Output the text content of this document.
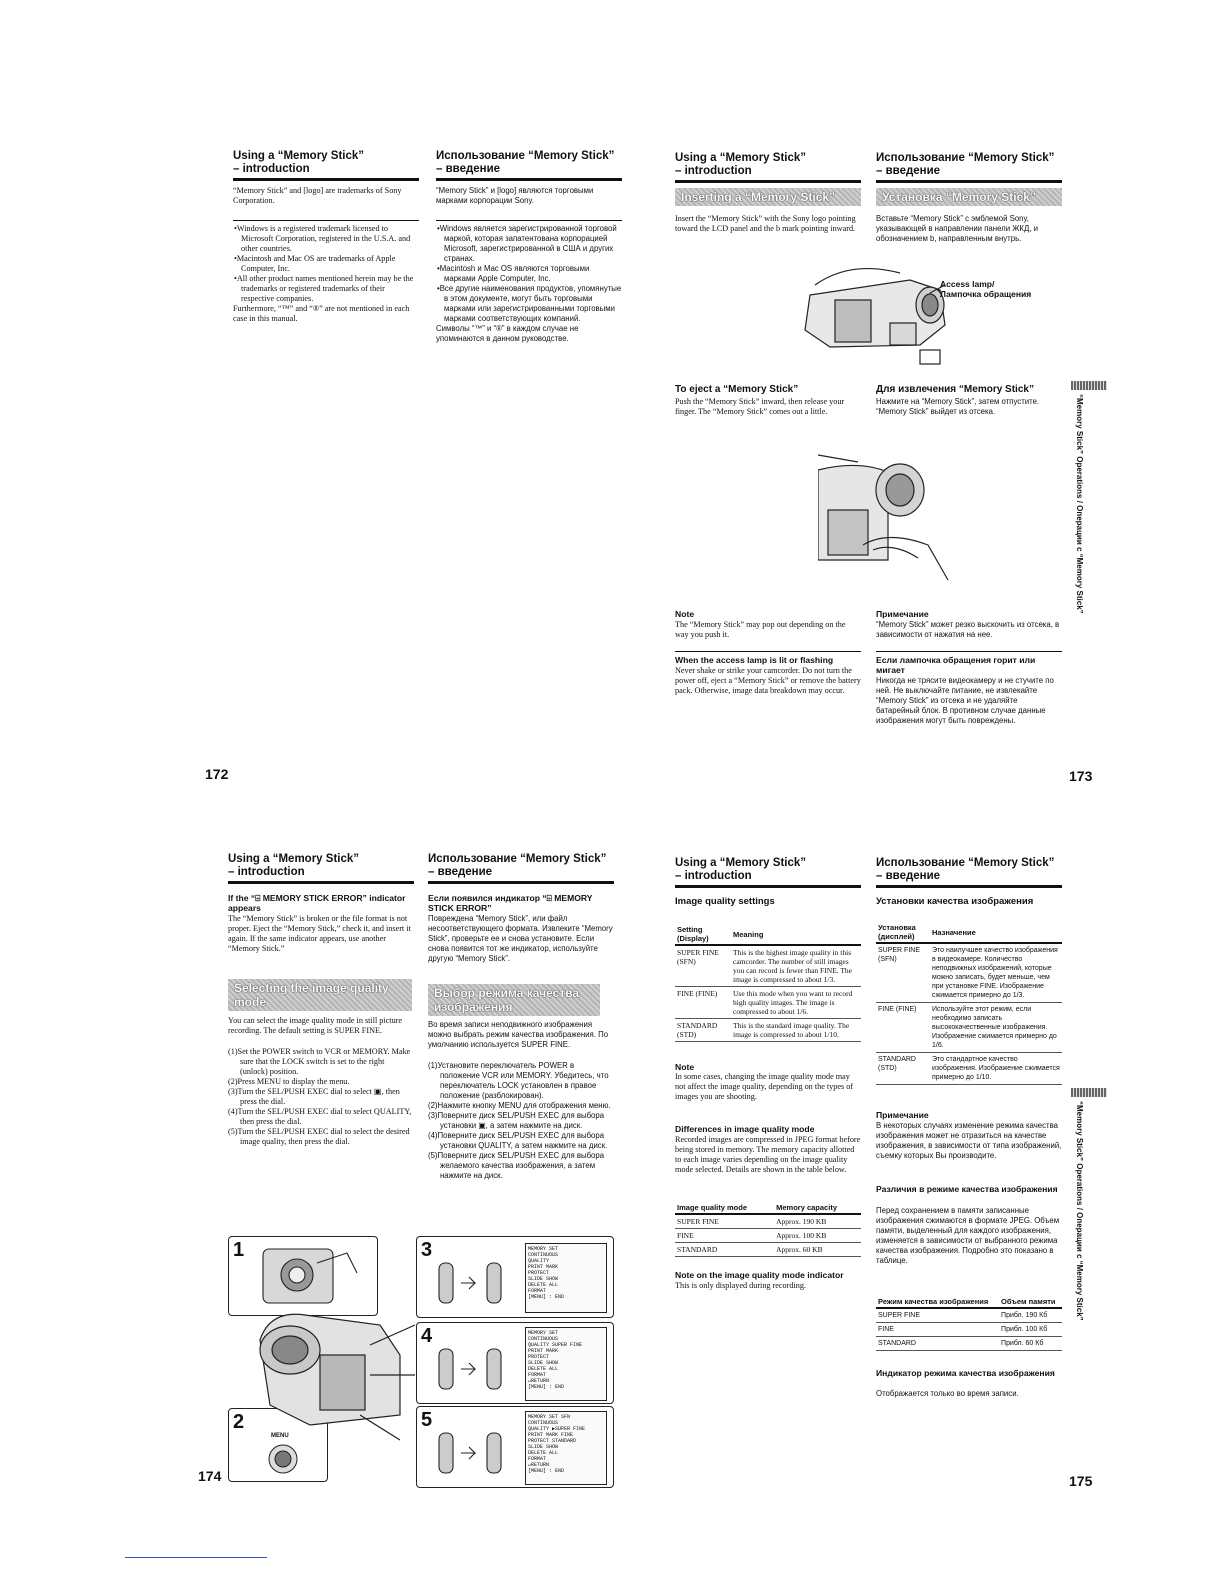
Using a “Memory Stick”
– introduction
Использование “Memory Stick”
– введение
“Memory Stick” and [logo] are trademarks of Sony Corporation.
•Windows is a registered trademark licensed to Microsoft Corporation, registered in the U.S.A. and other countries.
•Macintosh and Mac OS are trademarks of Apple Computer, Inc.
•All other product names mentioned herein may be the trademarks or registered trademarks of their respective companies.
Furthermore, “™” and “®” are not mentioned in each case in this manual.
“Memory Stick” и [logo] являются торговыми марками корпорации Sony.
•Windows является зарегистрированной торговой маркой, которая запатентована корпорацией Microsoft, зарегистрированной в США и других странах.
•Macintosh и Mac OS являются торговыми марками Apple Computer, Inc.
•Все другие наименования продуктов, упомянутые в этом документе, могут быть торговыми марками или зарегистрированными торговыми марками соответствующих компаний.
Символы “™” и “®” в каждом случае не упоминаются в данном руководстве.
172
Using a “Memory Stick”
– introduction
Использование “Memory Stick”
– введение
Inserting a “Memory Stick”	Установка “Memory Stick”
Insert the “Memory Stick” with the Sony logo pointing toward the LCD panel and the b mark pointing inward.
Вставьте “Memory Stick” с эмблемой Sony, указывающей в направлении панели ЖКД, и обозначением b, направленным внутрь.
Access lamp/
Лампочка обращения
To eject a “Memory Stick”
Push the “Memory Stick” inward, then release your finger. The “Memory Stick” comes out a little.
Для извлечения “Memory Stick”
Нажмите на “Memory Stick”, затем отпустите. “Memory Stick” выйдет из отсека.
Note
The “Memory Stick” may pop out depending on the way you push it.
Примечание
“Memory Stick” может резко выскочить из отсека, в зависимости от нажатия на нее.
When the access lamp is lit or flashing
Never shake or strike your camcorder. Do not turn the power off, eject a “Memory Stick” or remove the battery pack. Otherwise, image data breakdown may occur.
Если лампочка обращения горит или мигает
Никогда не трясите видеокамеру и не стучите по ней. Не выключайте питание, не извлекайте “Memory Stick” из отсека и не удаляйте батарейный блок. В противном случае данные изображения могут быть повреждены.
“Memory Stick” Operations / Операции с “Memory Stick”
173
Using a “Memory Stick”
– introduction
Использование “Memory Stick”
– введение
If the “⌹ MEMORY STICK ERROR” indicator appears
The “Memory Stick” is broken or the file format is not proper. Eject the “Memory Stick,” check it, and insert it again. If the same indicator appears, use another “Memory Stick.”
Если появился индикатор “⌹ MEMORY STICK ERROR”
Повреждена “Memory Stick”, или файл несоответствующего формата. Извлеките “Memory Stick”, проверьте ее и снова установите. Если снова появится тот же индикатор, используйте другую “Memory Stick”.
Selecting the image quality mode
Выбор режима качества изображения
You can select the image quality mode in still picture recording. The default setting is SUPER FINE.
(1)Set the POWER switch to VCR or MEMORY. Make sure that the LOCK switch is set to the right (unlock) position.
(2)Press MENU to display the menu.
(3)Turn the SEL/PUSH EXEC dial to select ▣, then press the dial.
(4)Turn the SEL/PUSH EXEC dial to select QUALITY, then press the dial.
(5)Turn the SEL/PUSH EXEC dial to select the desired image quality, then press the dial.
Во время записи неподвижного изображения можно выбрать режим качества изображения. По умолчанию используется SUPER FINE.
(1)Установите переключатель POWER в положение VCR или MEMORY. Убедитесь, что переключатель LOCK установлен в правое положение (разблокирован).
(2)Нажмите кнопку MENU для отображения меню.
(3)Поверните диск SEL/PUSH EXEC для выбора установки ▣, а затем нажмите на диск.
(4)Поверните диск SEL/PUSH EXEC для выбора установки QUALITY, а затем нажмите на диск.
(5)Поверните диск SEL/PUSH EXEC для выбора желаемого качества изображения, а затем нажмите на диск.
1
2
MENU
3	MEMORY SET
CONTINUOUS
QUALITY
PRINT MARK
PROTECT
SLIDE SHOW
DELETE ALL
FORMAT
[MENU] : END
4	MEMORY SET
CONTINUOUS
QUALITY SUPER FINE
PRINT MARK
PROTECT
SLIDE SHOW
DELETE ALL
FORMAT
↵RETURN
[MENU] : END
5	MEMORY SET SFN
CONTINUOUS
QUALITY ▶SUPER FINE
PRINT MARK FINE
PROTECT STANDARD
SLIDE SHOW
DELETE ALL
FORMAT
↵RETURN
[MENU] : END
174
Using a “Memory Stick”
– introduction
Использование “Memory Stick”
– введение
Image quality settings	Установки качества изображения
Setting (Display)	Meaning
SUPER FINE (SFN)	This is the highest image quality in this camcorder. The number of still images you can record is fewer than FINE. The image is compressed to about 1/3.
FINE (FINE)	Use this mode when you want to record high quality images. The image is compressed to about 1/6.
STANDARD (STD)	This is the standard image quality. The image is compressed to about 1/10.
Установка (дисплей)	Назначение
SUPER FINE (SFN)	Это наилучшее качество изображения в видеокамере. Количество неподвижных изображений, которые можно записать, будет меньше, чем при установке FINE. Изображение сжимается примерно до 1/3.
FINE (FINE)	Используйте этот режим, если необходимо записать высококачественные изображения. Изображение сжимается примерно до 1/6.
STANDARD (STD)	Это стандартное качество изображения. Изображение сжимается примерно до 1/10.
Note
In some cases, changing the image quality mode may not affect the image quality, depending on the types of images you are shooting.
Differences in image quality mode
Recorded images are compressed in JPEG format before being stored in memory. The memory capacity allotted to each image varies depending on the image quality mode selected. Details are shown in the table below.
Image quality mode	Memory capacity
SUPER FINE	Approx. 190 KB
FINE	Approx. 100 KB
STANDARD	Approx. 60 KB
Note on the image quality mode indicator
This is only displayed during recording.
Примечание
В некоторых случаях изменение режима качества изображения может не отразиться на качестве изображения, в зависимости от типа изображений, съемку которых Вы производите.
Различия в режиме качества изображения
Перед сохранением в памяти записанные изображения сжимаются в формате JPEG. Объем памяти, выделенный для каждого изображения, изменяется в зависимости от выбранного режима качества изображения. Подробно это показано в таблице.
Режим качества изображения	Объем памяти
SUPER FINE	Прибл. 190 Кб
FINE	Прибл. 100 Кб
STANDARD	Прибл. 60 Кб
Индикатор режима качества изображения
Отображается только во время записи.
“Memory Stick” Operations / Операции с “Memory Stick”
175
